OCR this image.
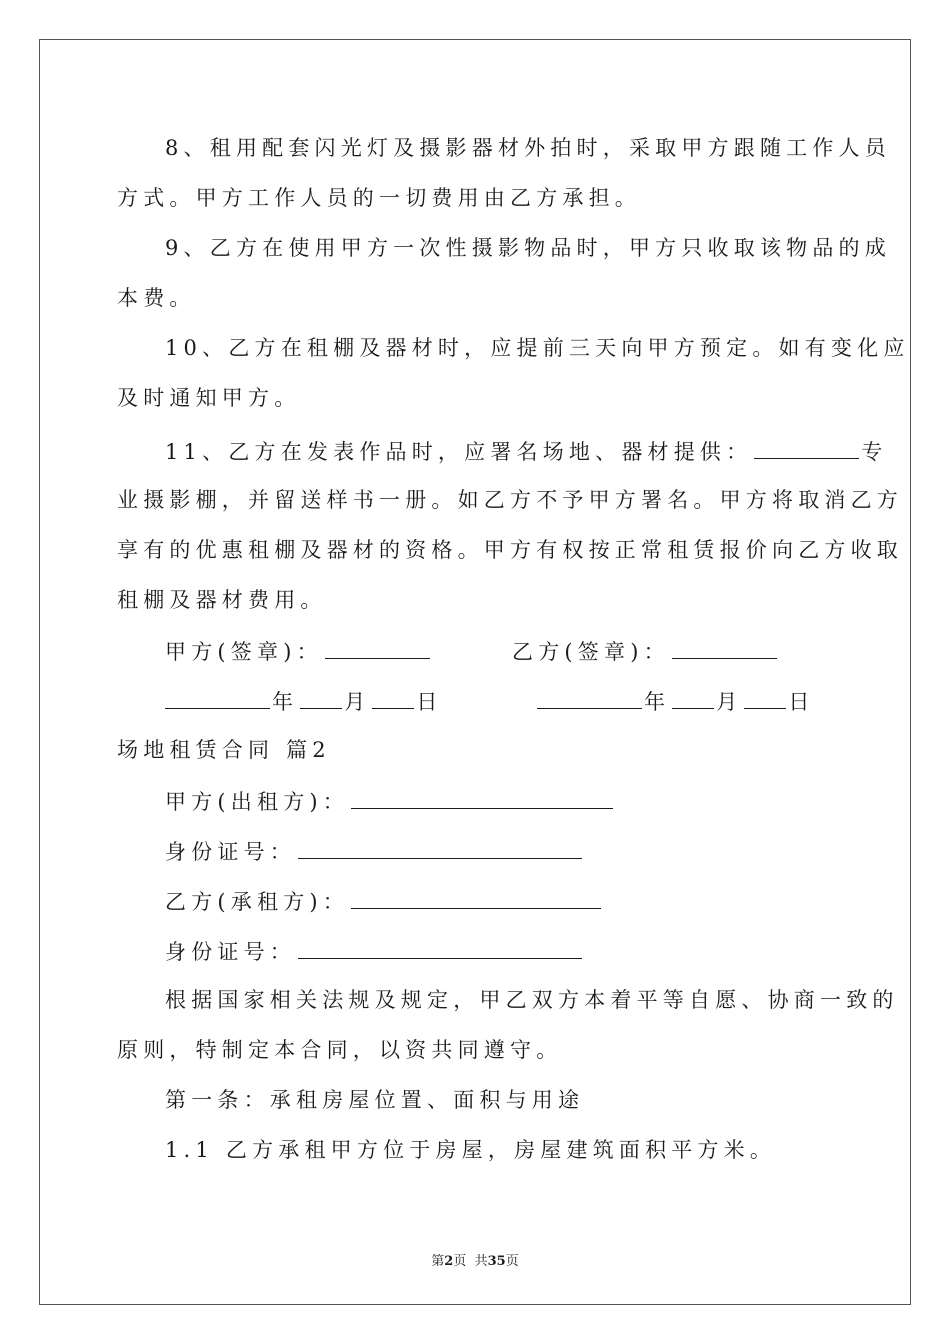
8、租用配套闪光灯及摄影器材外拍时，采取甲方跟随工作人员
方式。甲方工作人员的一切费用由乙方承担。
9、乙方在使用甲方一次性摄影物品时，甲方只收取该物品的成
本费。
10、乙方在租棚及器材时，应提前三天向甲方预定。如有变化应
及时通知甲方。
11、乙方在发表作品时，应署名场地、器材提供：	专
业摄影棚，并留送样书一册。如乙方不予甲方署名。甲方将取消乙方
享有的优惠租棚及器材的资格。甲方有权按正常租赁报价向乙方收取
租棚及器材费用。
甲方(签章)：	乙方(签章)：
年 月 日	年 月 日
场地租赁合同 篇2
甲方(出租方)：
身份证号：
乙方(承租方)：
身份证号：
根据国家相关法规及规定，甲乙双方本着平等自愿、协商一致的
原则，特制定本合同，以资共同遵守。
第一条：承租房屋位置、面积与用途
1.1 乙方承租甲方位于房屋，房屋建筑面积平方米。
第2页  共35页
